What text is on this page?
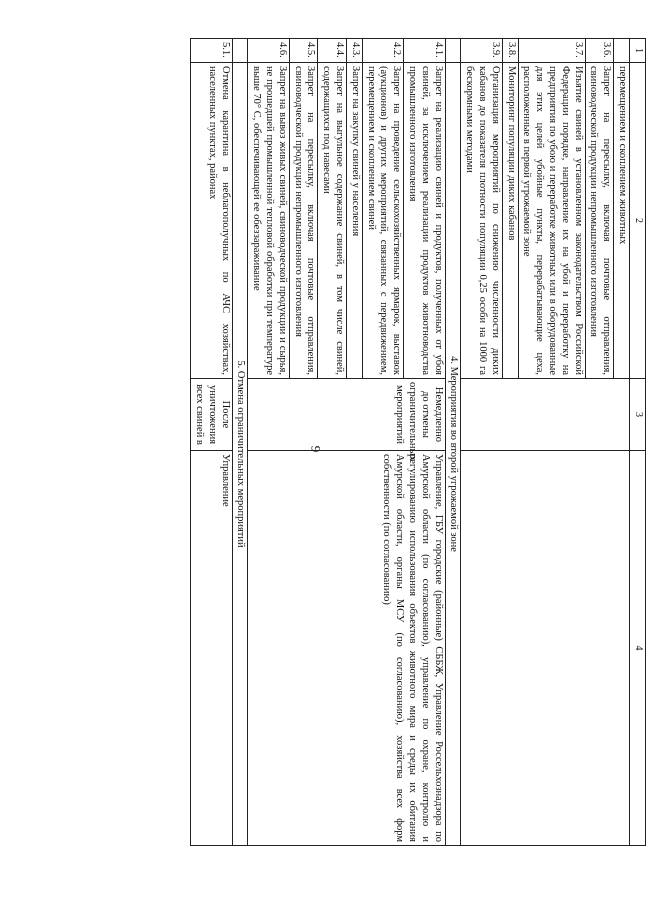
9
1	2	3	4
	перемещением и скоплением животных		
3.6.	Запрет на пересылку, включая почтовые отправления, свиноводческой продукции непромышленного изготовления		
3.7.	Изъятие свиней в установленном законодательством Российской Федерации порядке, направление их на убой и переработку на предприятия по убою и переработке животных или в оборудованные для этих целей убойные пункты, перерабатывающие цеха, расположенные в первой угрожаемой зоне		
3.8.	Мониторинг популяции диких кабанов		
3.9.	Организация мероприятий по снижению численности диких кабанов до показателя плотности популяции 0,25 особи на 1000 га бескормными методами		
	4. Мероприятия во второй угрожаемой зоне		
4.1.	Запрет на реализацию свиней и продуктов, полученных от убоя свиней, за исключением реализации продуктов животноводства промышленного изготовления	Немедленно до отмены ограничительных мероприятий	Управление, ГБУ городские (районные) СББЖ, Управление Россельхознадзора по Амурской области (по согласованию), управление по охране, контролю и регулированию использования объектов животного мира и среды их обитания Амурской области, органы МСУ (по согласованию), хозяйства всех форм собственности (по согласованию)
4.2.	Запрет на проведение сельскохозяйственных ярмарок, выставок (аукционов) и других мероприятий, связанных с передвижением, перемещением и скоплением свиней		
4.3.	Запрет на закупку свиней у населения		
4.4.	Запрет на выгульное содержание свиней, в том числе свиней, содержащихся под навесами		
4.5.	Запрет на пересылку, включая почтовые отправления, свиноводческой продукции непромышленного изготовления		
4.6.	Запрет на вывоз живых свиней, свиноводческой продукции и сырья, не прошедшей промышленной тепловой обработки при температуре выше 70° С, обеспечивающей ее обеззараживание		
	5. Отмена ограничительных мероприятий		
5.1.	Отмена карантина в неблагополучных по АЧС хозяйствах, населенных пунктах, районах	После уничтожения всех свиней в	Управление
